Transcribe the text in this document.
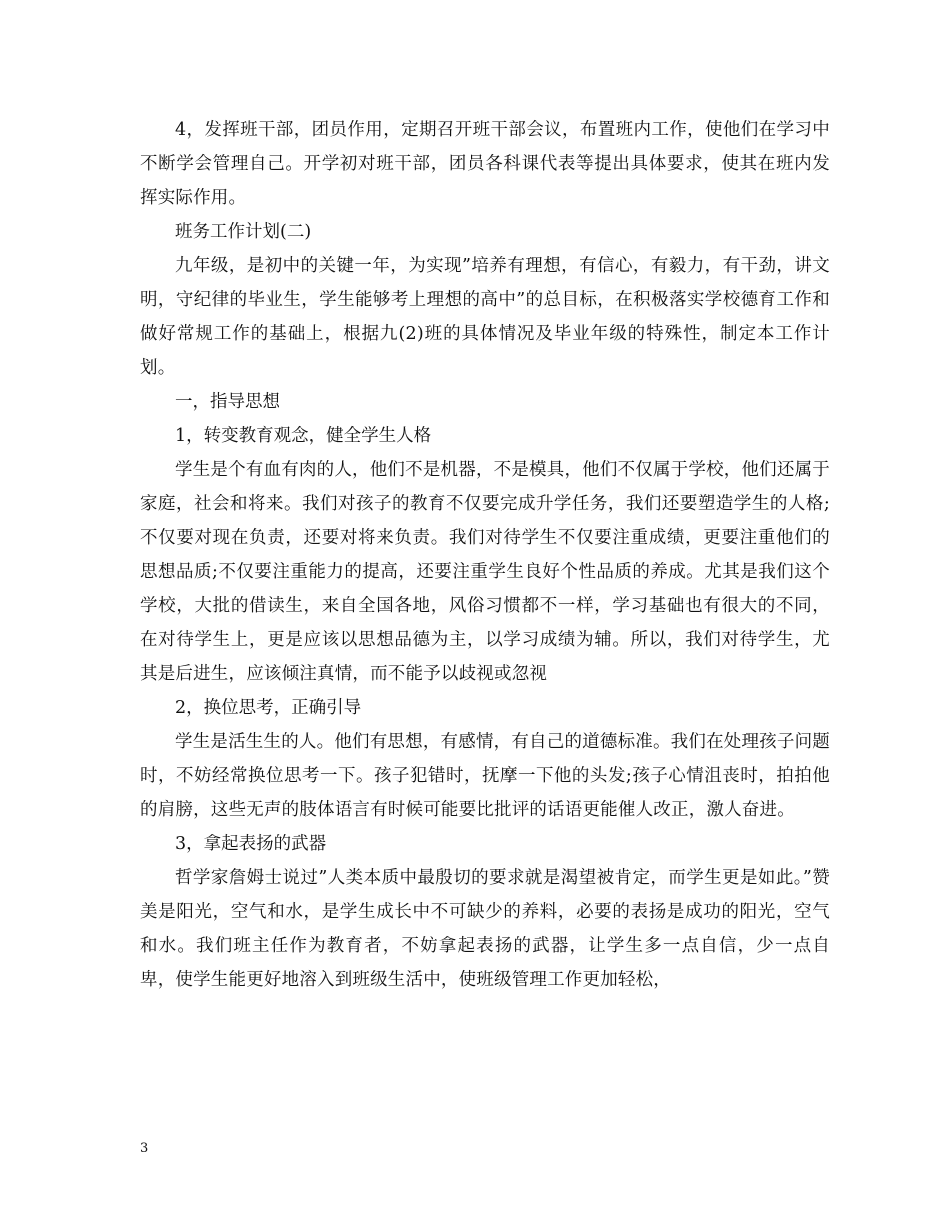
4，发挥班干部，团员作用，定期召开班干部会议，布置班内工作，使他们在学习中不断学会管理自己。开学初对班干部，团员各科课代表等提出具体要求，使其在班内发挥实际作用。

班务工作计划(二)

九年级，是初中的关键一年，为实现”培养有理想，有信心，有毅力，有干劲，讲文明，守纪律的毕业生，学生能够考上理想的高中”的总目标，在积极落实学校德育工作和做好常规工作的基础上，根据九(2)班的具体情况及毕业年级的特殊性，制定本工作计划。

一，指导思想

1，转变教育观念，健全学生人格

学生是个有血有肉的人，他们不是机器，不是模具，他们不仅属于学校，他们还属于家庭，社会和将来。我们对孩子的教育不仅要完成升学任务，我们还要塑造学生的人格;不仅要对现在负责，还要对将来负责。我们对待学生不仅要注重成绩，更要注重他们的思想品质;不仅要注重能力的提高，还要注重学生良好个性品质的养成。尤其是我们这个学校，大批的借读生，来自全国各地，风俗习惯都不一样，学习基础也有很大的不同，在对待学生上，更是应该以思想品德为主，以学习成绩为辅。所以，我们对待学生，尤其是后进生，应该倾注真情，而不能予以歧视或忽视

2，换位思考，正确引导

学生是活生生的人。他们有思想，有感情，有自己的道德标准。我们在处理孩子问题时，不妨经常换位思考一下。孩子犯错时，抚摩一下他的头发;孩子心情沮丧时，拍拍他的肩膀，这些无声的肢体语言有时候可能要比批评的话语更能催人改正，激人奋进。

3，拿起表扬的武器

哲学家詹姆士说过”人类本质中最殷切的要求就是渴望被肯定，而学生更是如此。”赞美是阳光，空气和水，是学生成长中不可缺少的养料，必要的表扬是成功的阳光，空气和水。我们班主任作为教育者，不妨拿起表扬的武器，让学生多一点自信，少一点自卑，使学生能更好地溶入到班级生活中，使班级管理工作更加轻松，

3
